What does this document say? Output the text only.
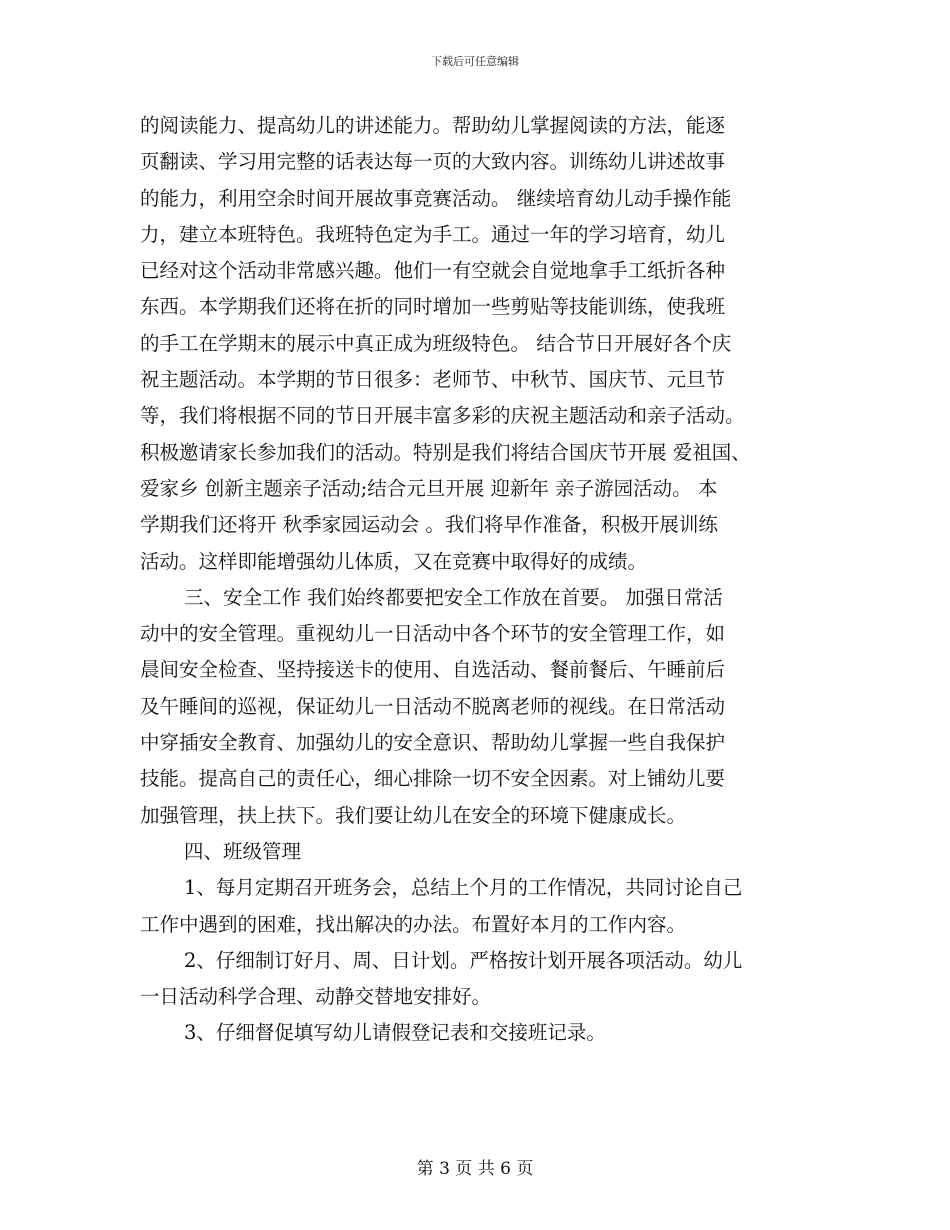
下载后可任意编辑
的阅读能力、提高幼儿的讲述能力。帮助幼儿掌握阅读的方法，能逐
页翻读、学习用完整的话表达每一页的大致内容。训练幼儿讲述故事
的能力，利用空余时间开展故事竞赛活动。 继续培育幼儿动手操作能
力，建立本班特色。我班特色定为手工。通过一年的学习培育，幼儿
已经对这个活动非常感兴趣。他们一有空就会自觉地拿手工纸折各种
东西。本学期我们还将在折的同时增加一些剪贴等技能训练，使我班
的手工在学期末的展示中真正成为班级特色。 结合节日开展好各个庆
祝主题活动。本学期的节日很多：老师节、中秋节、国庆节、元旦节
等，我们将根据不同的节日开展丰富多彩的庆祝主题活动和亲子活动。
积极邀请家长参加我们的活动。特别是我们将结合国庆节开展 爱祖国、
爱家乡 创新主题亲子活动;结合元旦开展 迎新年 亲子游园活动。 本
学期我们还将开 秋季家园运动会 。我们将早作准备，积极开展训练
活动。这样即能增强幼儿体质，又在竞赛中取得好的成绩。
三、安全工作 我们始终都要把安全工作放在首要。 加强日常活
动中的安全管理。重视幼儿一日活动中各个环节的安全管理工作，如
晨间安全检查、坚持接送卡的使用、自选活动、餐前餐后、午睡前后
及午睡间的巡视，保证幼儿一日活动不脱离老师的视线。在日常活动
中穿插安全教育、加强幼儿的安全意识、帮助幼儿掌握一些自我保护
技能。提高自己的责任心，细心排除一切不安全因素。对上铺幼儿要
加强管理，扶上扶下。我们要让幼儿在安全的环境下健康成长。
四、班级管理
1、每月定期召开班务会，总结上个月的工作情况，共同讨论自己
工作中遇到的困难，找出解决的办法。布置好本月的工作内容。
2、仔细制订好月、周、日计划。严格按计划开展各项活动。幼儿
一日活动科学合理、动静交替地安排好。
3、仔细督促填写幼儿请假登记表和交接班记录。
第 3 页 共 6 页
